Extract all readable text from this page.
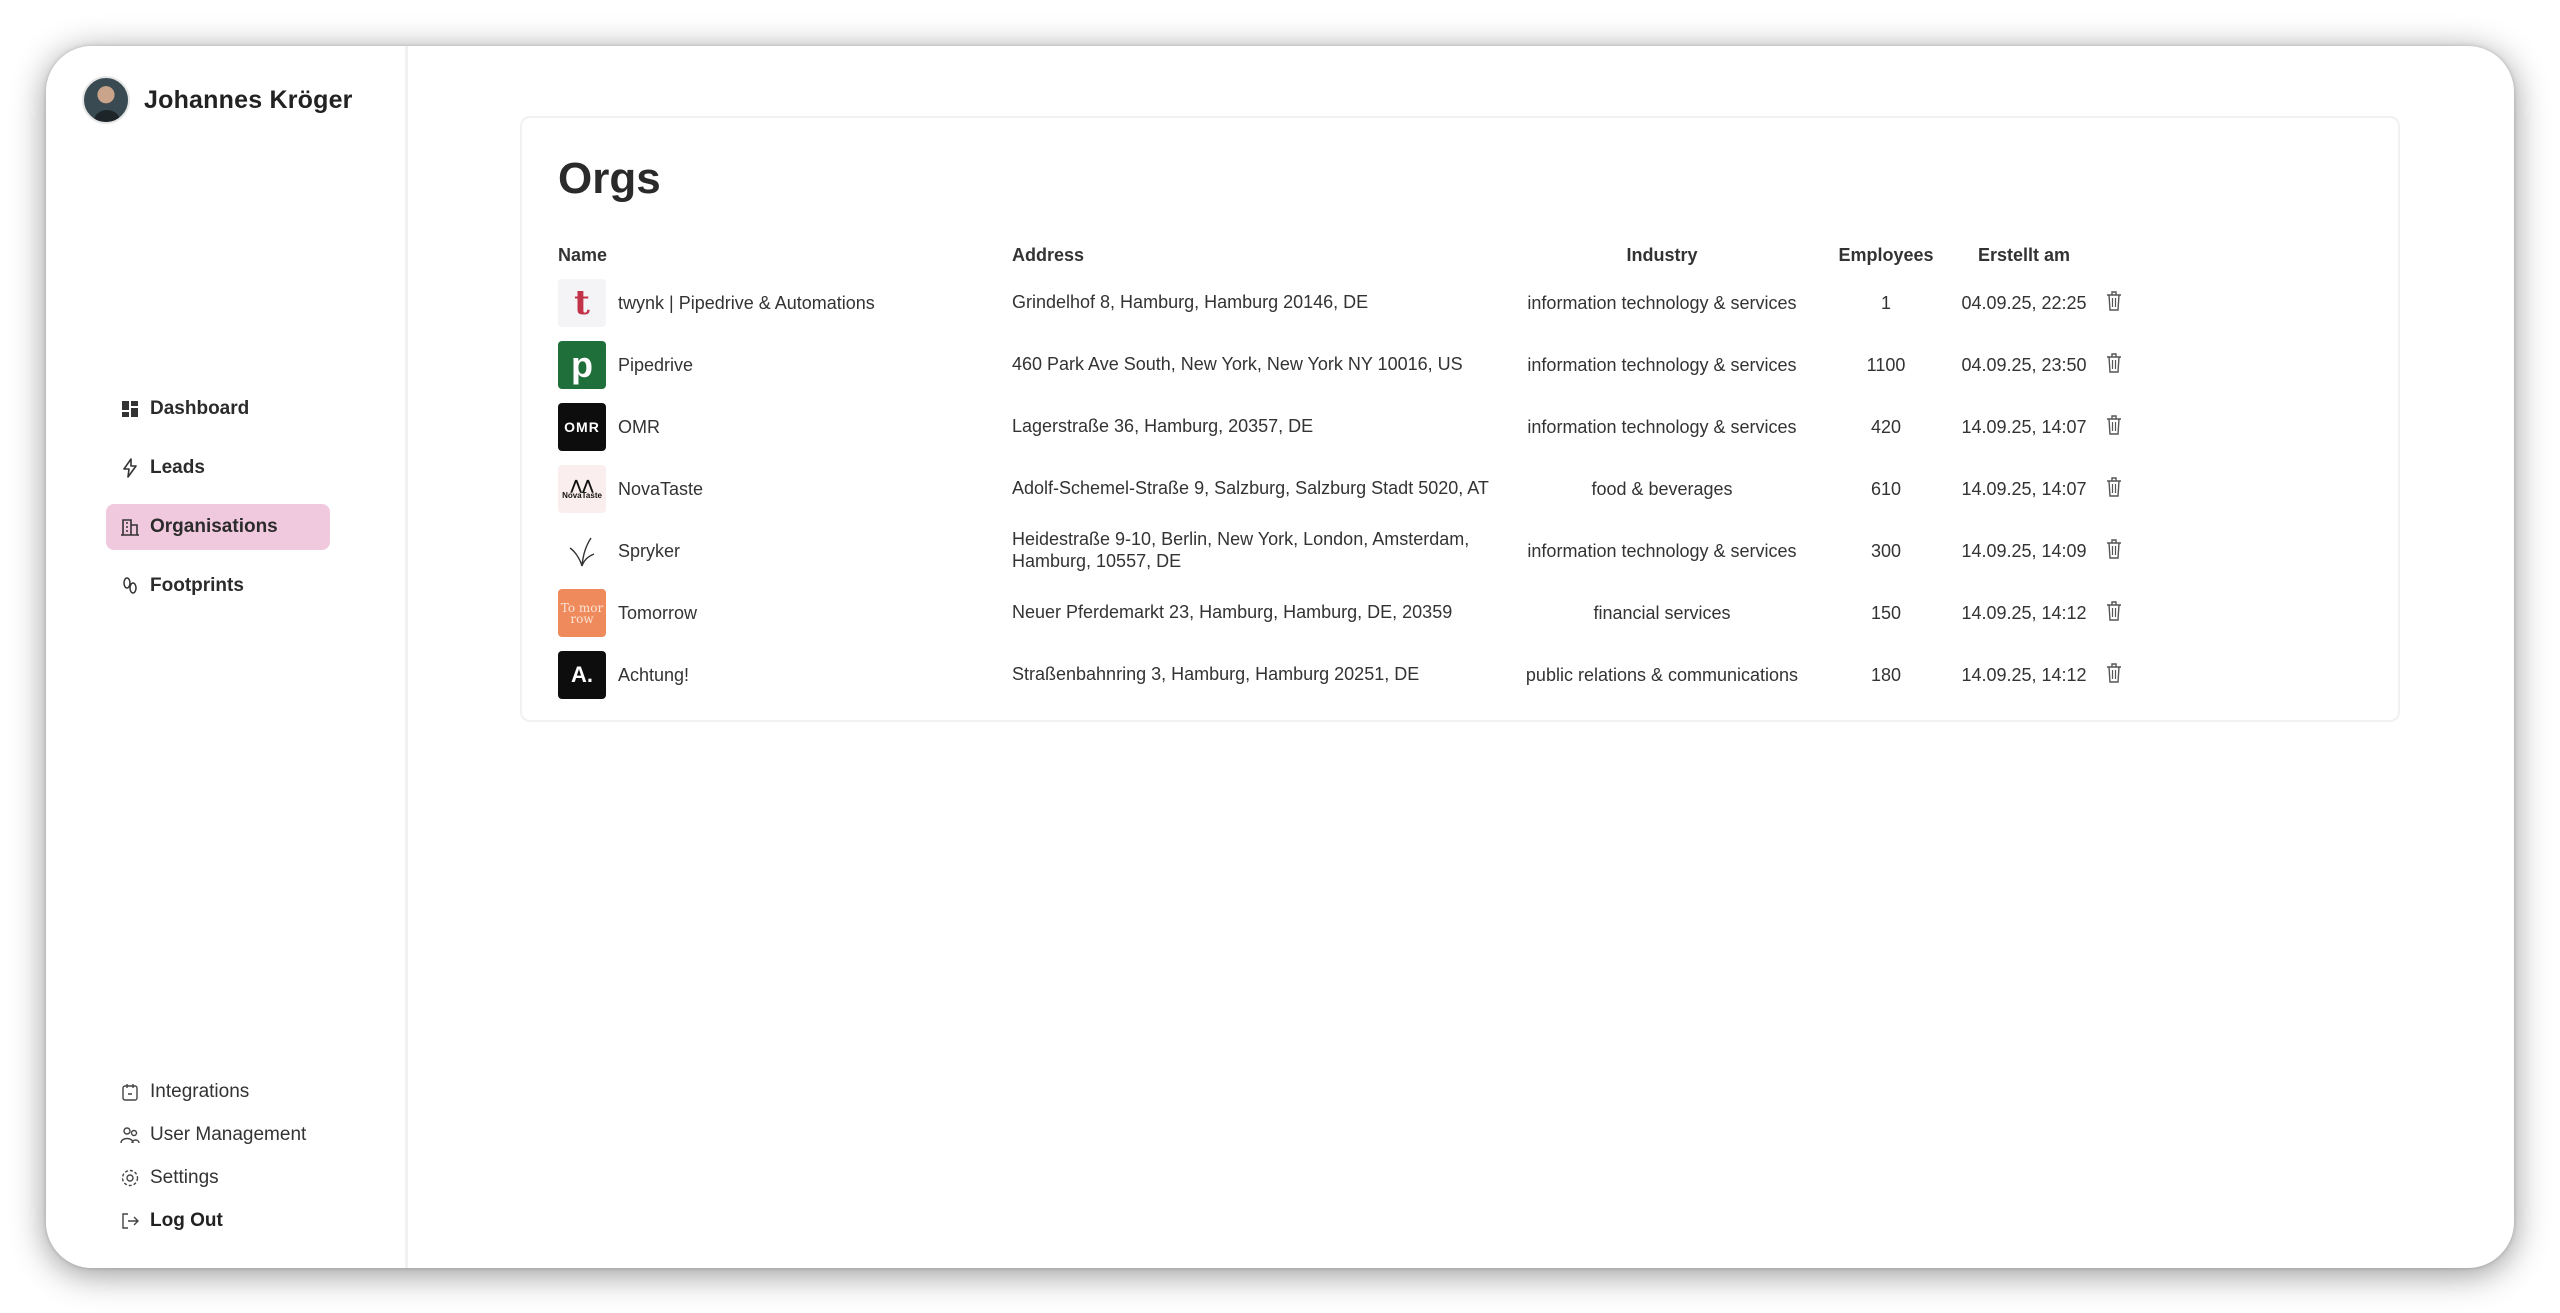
Johannes Kröger
Dashboard
Leads
Organisations
Footprints
Integrations
User Management
Settings
Log Out
Orgs
Name	Address	Industry	Employees	Erstellt am	

t twynk | Pipedrive & Automations	Grindelhof 8, Hamburg, Hamburg 20146, DE	information technology & services	1	04.09.25, 22:25	

p Pipedrive	460 Park Ave South, New York, New York NY 10016, US	information technology & services	1100	04.09.25, 23:50	

OMR OMR	Lagerstraße 36, Hamburg, 20357, DE	information technology & services	420	14.09.25, 14:07	

⋀⋀
NovaTaste NovaTaste	Adolf-Schemel-Straße 9, Salzburg, Salzburg Stadt 5020, AT	food & beverages	610	14.09.25, 14:07	

Spryker	Heidestraße 9-10, Berlin, New York, London, Amsterdam, Hamburg, 10557, DE	information technology & services	300	14.09.25, 14:09	

To mor row Tomorrow	Neuer Pferdemarkt 23, Hamburg, Hamburg, DE, 20359	financial services	150	14.09.25, 14:12	

A. Achtung!	Straßenbahnring 3, Hamburg, Hamburg 20251, DE	public relations & communications	180	14.09.25, 14:12	
